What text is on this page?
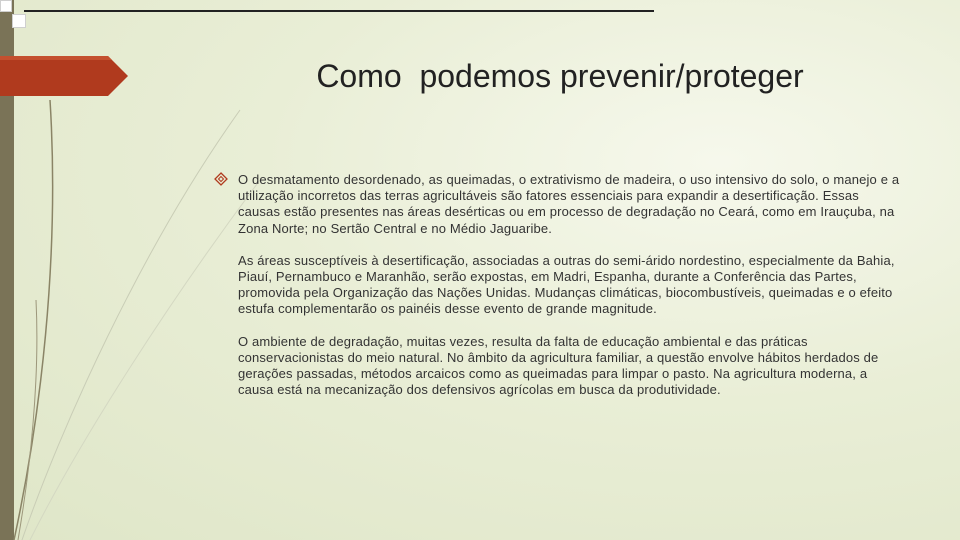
Como  podemos prevenir/proteger

O desmatamento desordenado, as queimadas, o extrativismo de madeira, o uso intensivo do solo, o manejo e a utilização incorretos das terras agricultáveis são fatores essenciais para expandir a desertificação. Essas causas estão presentes nas áreas desérticas ou em processo de degradação no Ceará, como em Irauçuba, na Zona Norte; no Sertão Central e no Médio Jaguaribe.

As áreas susceptíveis à desertificação, associadas a outras do semi-árido nordestino, especialmente da Bahia, Piauí, Pernambuco e Maranhão, serão expostas, em Madri, Espanha, durante a Conferência das Partes, promovida pela Organização das Nações Unidas. Mudanças climáticas, biocombustíveis, queimadas e o efeito estufa complementarão os painéis desse evento de grande magnitude.

O ambiente de degradação, muitas vezes, resulta da falta de educação ambiental e das práticas conservacionistas do meio natural. No âmbito da agricultura familiar, a questão envolve hábitos herdados de gerações passadas, métodos arcaicos como as queimadas para limpar o pasto. Na agricultura moderna, a causa está na mecanização dos defensivos agrícolas em busca da produtividade.
